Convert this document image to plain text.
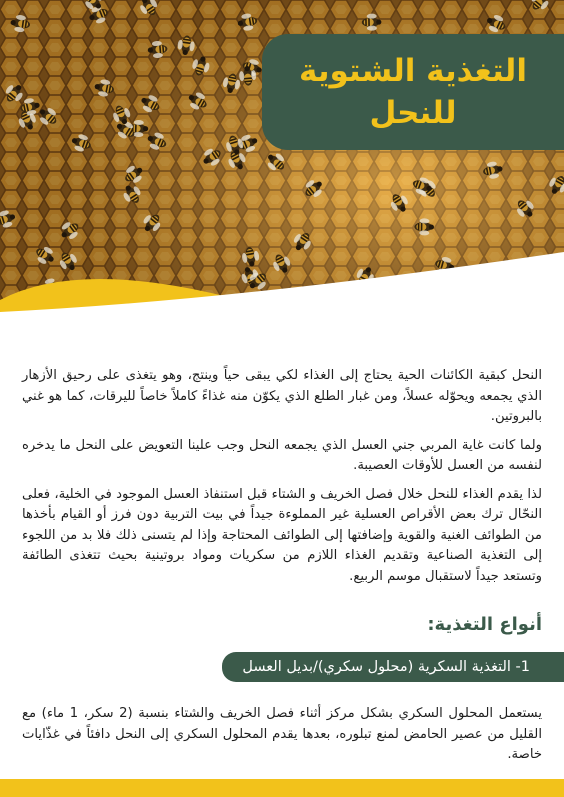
التغذية الشتوية
للنحل

النحل كبقية الكائنات الحية يحتاج إلى الغذاء لكي يبقى حياً وينتج، وهو يتغذى على رحيق الأزهار الذي يجمعه ويحوّله عسلاً، ومن غبار الطلع الذي يكوّن منه غذاءً كاملاً خاصاً لليرقات، كما هو غني بالبروتين.

ولما كانت غاية المربي جني العسل الذي يجمعه النحل وجب علينا التعويض على النحل ما يدخره لنفسه من العسل للأوقات العصيبة.

لذا يقدم الغذاء للنحل خلال فصل الخريف و الشتاء قبل استنفاذ العسل الموجود في الخلية، فعلى النحّال ترك بعض الأقراص العسلية غير المملوءة جيداً في بيت التربية دون فرز أو القيام بأخذها من الطوائف الغنية والقوية وإضافتها إلى الطوائف المحتاجة وإذا لم يتسنى ذلك فلا بد من اللجوء إلى التغذية الصناعية وتقديم الغذاء اللازم من سكريات ومواد بروتينية بحيث تتغذى الطائفة وتستعد جيداً لاستقبال موسم الربيع.

أنواع التغذية:
1- التغذية السكرية (محلول سكري)/بديل العسل

يستعمل المحلول السكري بشكل مركز أثناء فصل الخريف والشتاء بنسبة (2 سكر، 1 ماء) مع القليل من عصير الحامض لمنع تبلوره، بعدها يقدم المحلول السكري إلى النحل دافئاً في غذّايات خاصة.
